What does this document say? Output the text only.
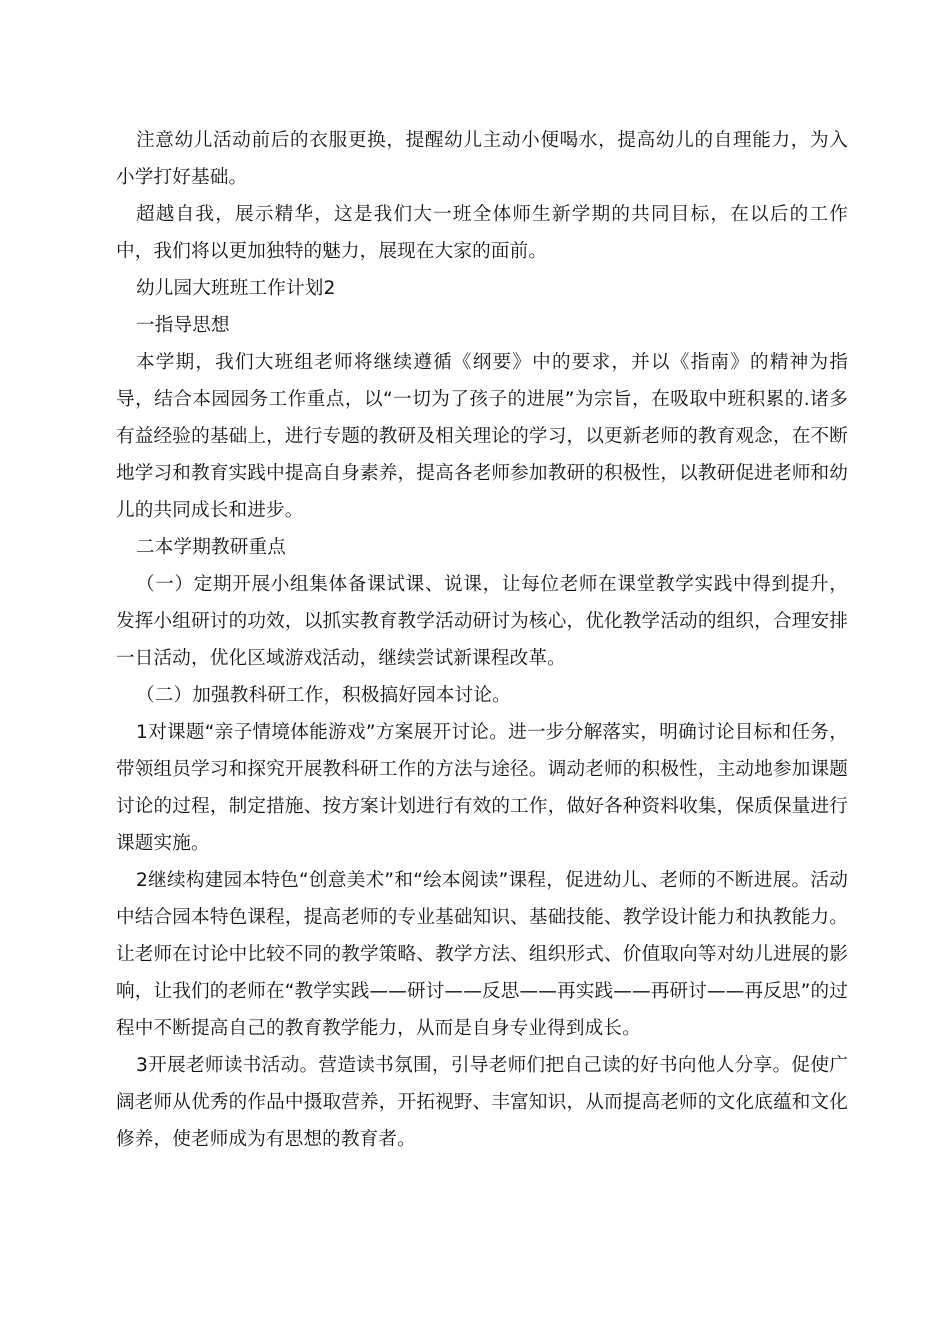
注意幼儿活动前后的衣服更换，提醒幼儿主动小便喝水，提高幼儿的自理能力，为入小学打好基础。

超越自我，展示精华，这是我们大一班全体师生新学期的共同目标，在以后的工作中，我们将以更加独特的魅力，展现在大家的面前。

幼儿园大班班工作计划2

一指导思想

本学期，我们大班组老师将继续遵循《纲要》中的要求，并以《指南》的精神为指导，结合本园园务工作重点，以“一切为了孩子的进展”为宗旨，在吸取中班积累的.诸多有益经验的基础上，进行专题的教研及相关理论的学习，以更新老师的教育观念，在不断地学习和教育实践中提高自身素养，提高各老师参加教研的积极性，以教研促进老师和幼儿的共同成长和进步。

二本学期教研重点

（一）定期开展小组集体备课试课、说课，让每位老师在课堂教学实践中得到提升，发挥小组研讨的功效，以抓实教育教学活动研讨为核心，优化教学活动的组织，合理安排一日活动，优化区域游戏活动，继续尝试新课程改革。

（二）加强教科研工作，积极搞好园本讨论。

1对课题“亲子情境体能游戏”方案展开讨论。进一步分解落实，明确讨论目标和任务，带领组员学习和探究开展教科研工作的方法与途径。调动老师的积极性，主动地参加课题讨论的过程，制定措施、按方案计划进行有效的工作，做好各种资料收集，保质保量进行课题实施。

2继续构建园本特色“创意美术”和“绘本阅读”课程，促进幼儿、老师的不断进展。活动中结合园本特色课程，提高老师的专业基础知识、基础技能、教学设计能力和执教能力。让老师在讨论中比较不同的教学策略、教学方法、组织形式、价值取向等对幼儿进展的影响，让我们的老师在“教学实践——研讨——反思——再实践——再研讨——再反思”的过程中不断提高自己的教育教学能力，从而是自身专业得到成长。

3开展老师读书活动。营造读书氛围，引导老师们把自己读的好书向他人分享。促使广阔老师从优秀的作品中摄取营养，开拓视野、丰富知识，从而提高老师的文化底蕴和文化修养，使老师成为有思想的教育者。
